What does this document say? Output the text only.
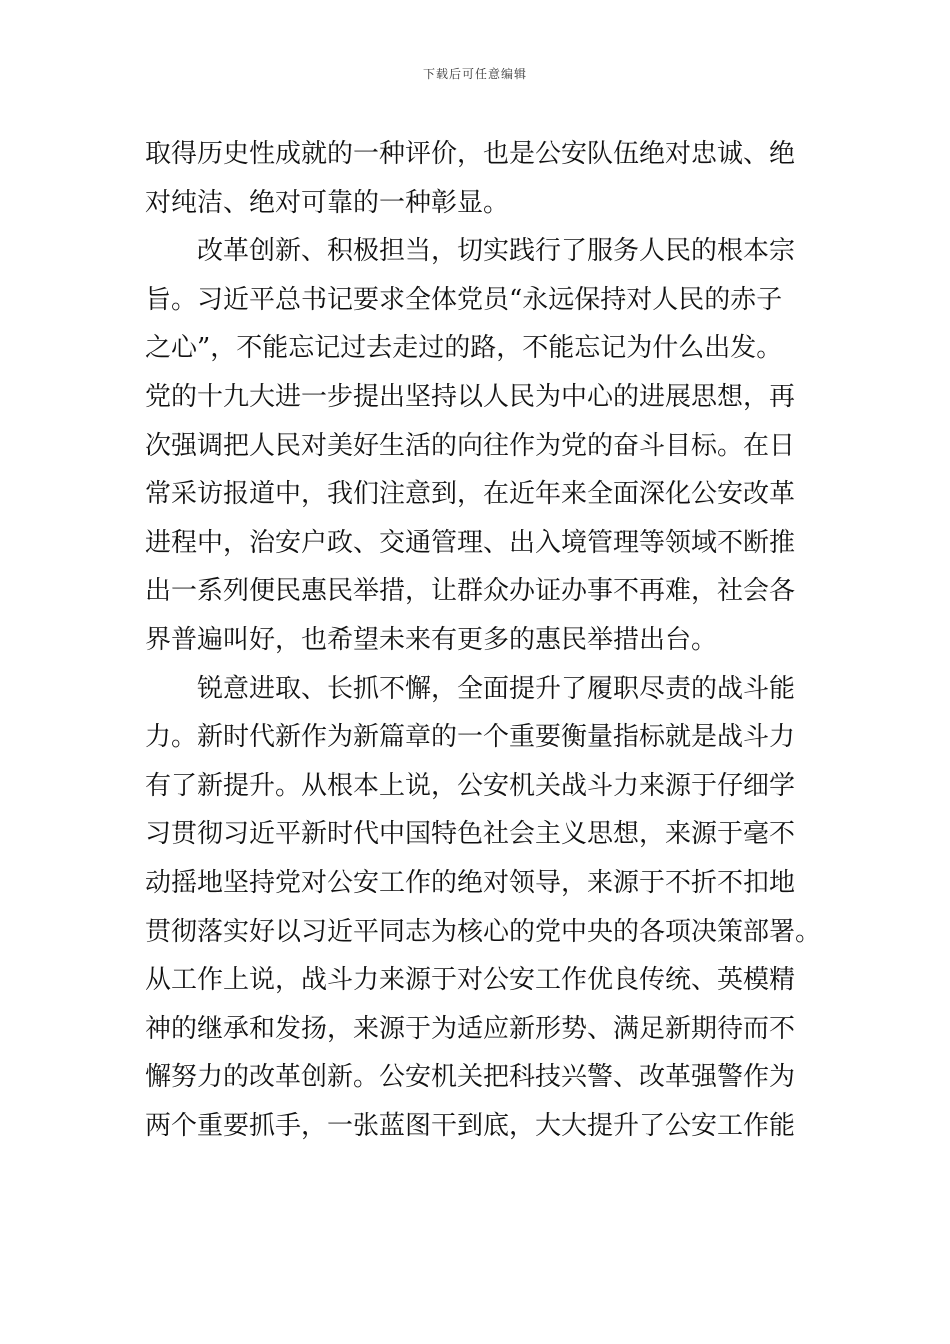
下载后可任意编辑
取得历史性成就的一种评价，也是公安队伍绝对忠诚、绝
对纯洁、绝对可靠的一种彰显。
改革创新、积极担当，切实践行了服务人民的根本宗
旨。习近平总书记要求全体党员“永远保持对人民的赤子
之心”，不能忘记过去走过的路，不能忘记为什么出发。
党的十九大进一步提出坚持以人民为中心的进展思想，再
次强调把人民对美好生活的向往作为党的奋斗目标。在日
常采访报道中，我们注意到，在近年来全面深化公安改革
进程中，治安户政、交通管理、出入境管理等领域不断推
出一系列便民惠民举措，让群众办证办事不再难，社会各
界普遍叫好，也希望未来有更多的惠民举措出台。
锐意进取、长抓不懈，全面提升了履职尽责的战斗能
力。新时代新作为新篇章的一个重要衡量指标就是战斗力
有了新提升。从根本上说，公安机关战斗力来源于仔细学
习贯彻习近平新时代中国特色社会主义思想，来源于毫不
动摇地坚持党对公安工作的绝对领导，来源于不折不扣地
贯彻落实好以习近平同志为核心的党中央的各项决策部署。
从工作上说，战斗力来源于对公安工作优良传统、英模精
神的继承和发扬，来源于为适应新形势、满足新期待而不
懈努力的改革创新。公安机关把科技兴警、改革强警作为
两个重要抓手，一张蓝图干到底，大大提升了公安工作能
